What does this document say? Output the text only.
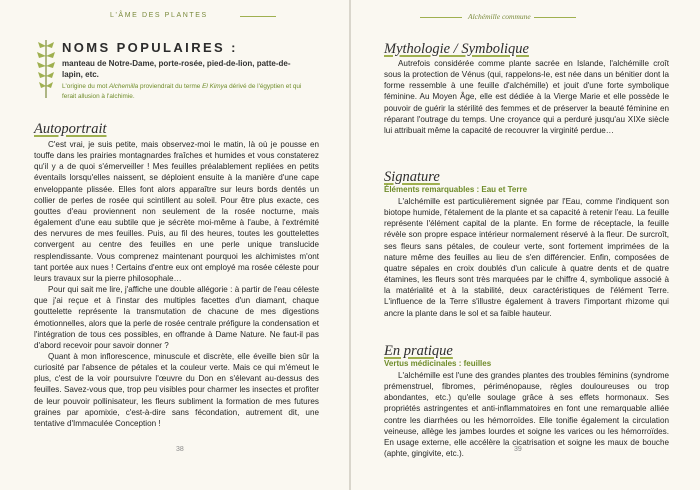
L'ÂME DES PLANTES
NOMS POPULAIRES :
manteau de Notre-Dame, porte-rosée, pied-de-lion, patte-de-lapin, etc.
L'origine du mot Alchemilla proviendrait du terme El Kimya dérivé de l'égyptien et qui ferait allusion à l'alchimie.
Autoportrait

C'est vrai, je suis petite, mais observez-moi le matin, là où je pousse en touffe dans les prairies montagnardes fraîches et humides et vous constaterez qu'il y a de quoi s'émerveiller ! Mes feuilles préalablement repliées en petits éventails lorsqu'elles naissent, se déploient ensuite à la manière d'une cape enveloppante plissée. Elles font alors apparaître sur leurs bords dentés un collier de perles de rosée qui scintillent au soleil. Pour être plus exacte, ces gouttes d'eau proviennent non seulement de la rosée nocturne, mais également d'une eau subtile que je sécrète moi-même à l'aube, à l'extrémité des nervures de mes feuilles. Puis, au fil des heures, toutes les gouttelettes convergent au centre des feuilles en une perle unique translucide resplendissante. Vous comprenez maintenant pourquoi les alchimistes m'ont tant portée aux nues ! Certains d'entre eux ont employé ma rosée céleste pour leurs travaux sur la pierre philosophale…

Pour qui sait me lire, j'affiche une double allégorie : à partir de l'eau céleste que j'ai reçue et à l'instar des multiples facettes d'un diamant, chaque gouttelette représente la transmutation de chacune de mes digestions émotionnelles, alors que la perle de rosée centrale préfigure la condensation et l'intégration de tous ces possibles, en offrande à Dame Nature. Ne faut-il pas d'abord recevoir pour savoir donner ?

Quant à mon inflorescence, minuscule et discrète, elle éveille bien sûr la curiosité par l'absence de pétales et la couleur verte. Mais ce qui m'émeut le plus, c'est de la voir poursuivre l'œuvre du Don en s'élevant au-dessus des feuilles. Savez-vous que, trop peu visibles pour charmer les insectes et profiter de leur pouvoir pollinisateur, les fleurs subliment la formation de mes futures graines par apomixie, c'est-à-dire sans fécondation, autrement dit, une tentative d'Immaculée Conception !

38
Alchémille commune
Mythologie / Symbolique

Autrefois considérée comme plante sacrée en Islande, l'alchémille croît sous la protection de Vénus (qui, rappelons-le, est née dans un bénitier dont la forme ressemble à une feuille d'alchémille) et jouit d'une forte symbolique féminine. Au Moyen Âge, elle est dédiée à la Vierge Marie et elle possède le pouvoir de guérir la stérilité des femmes et de préserver la beauté féminine en réparant l'outrage du temps. Une croyance qui a perduré jusqu'au XIXe siècle lui attribuait même la capacité de recouvrer la virginité perdue…

Signature
Éléments remarquables : Eau et Terre

L'alchémille est particulièrement signée par l'Eau, comme l'indiquent son biotope humide, l'étalement de la plante et sa capacité à retenir l'eau. La feuille représente l'élément capital de la plante. En forme de réceptacle, la feuille révèle son propre espace intérieur normalement réservé à la fleur. De surcroît, ses fleurs sans pétales, de couleur verte, sont fortement imprimées de la nature même des feuilles au lieu de s'en différencier. Enfin, composées de quatre sépales en croix doublés d'un calicule à quatre dents et de quatre étamines, les fleurs sont très marquées par le chiffre 4, symbolique associé à la matérialité et à la stabilité, deux caractéristiques de l'élément Terre. L'influence de la Terre s'illustre également à travers l'important rhizome qui ancre la plante dans le sol et sa faible hauteur.

En pratique
Vertus médicinales : feuilles

L'alchémille est l'une des grandes plantes des troubles féminins (syndrome prémenstruel, fibromes, périménopause, règles douloureuses ou trop abondantes, etc.) qu'elle soulage grâce à ses effets hormonaux. Ses propriétés astringentes et anti-inflammatoires en font une remarquable alliée contre les diarrhées ou les hémorroïdes. Elle tonifie également la circulation veineuse, allège les jambes lourdes et soigne les varices ou les hémorroïdes. En usage externe, elle accélère la cicatrisation et soigne les maux de bouche (aphte, gingivite, etc.).	39
